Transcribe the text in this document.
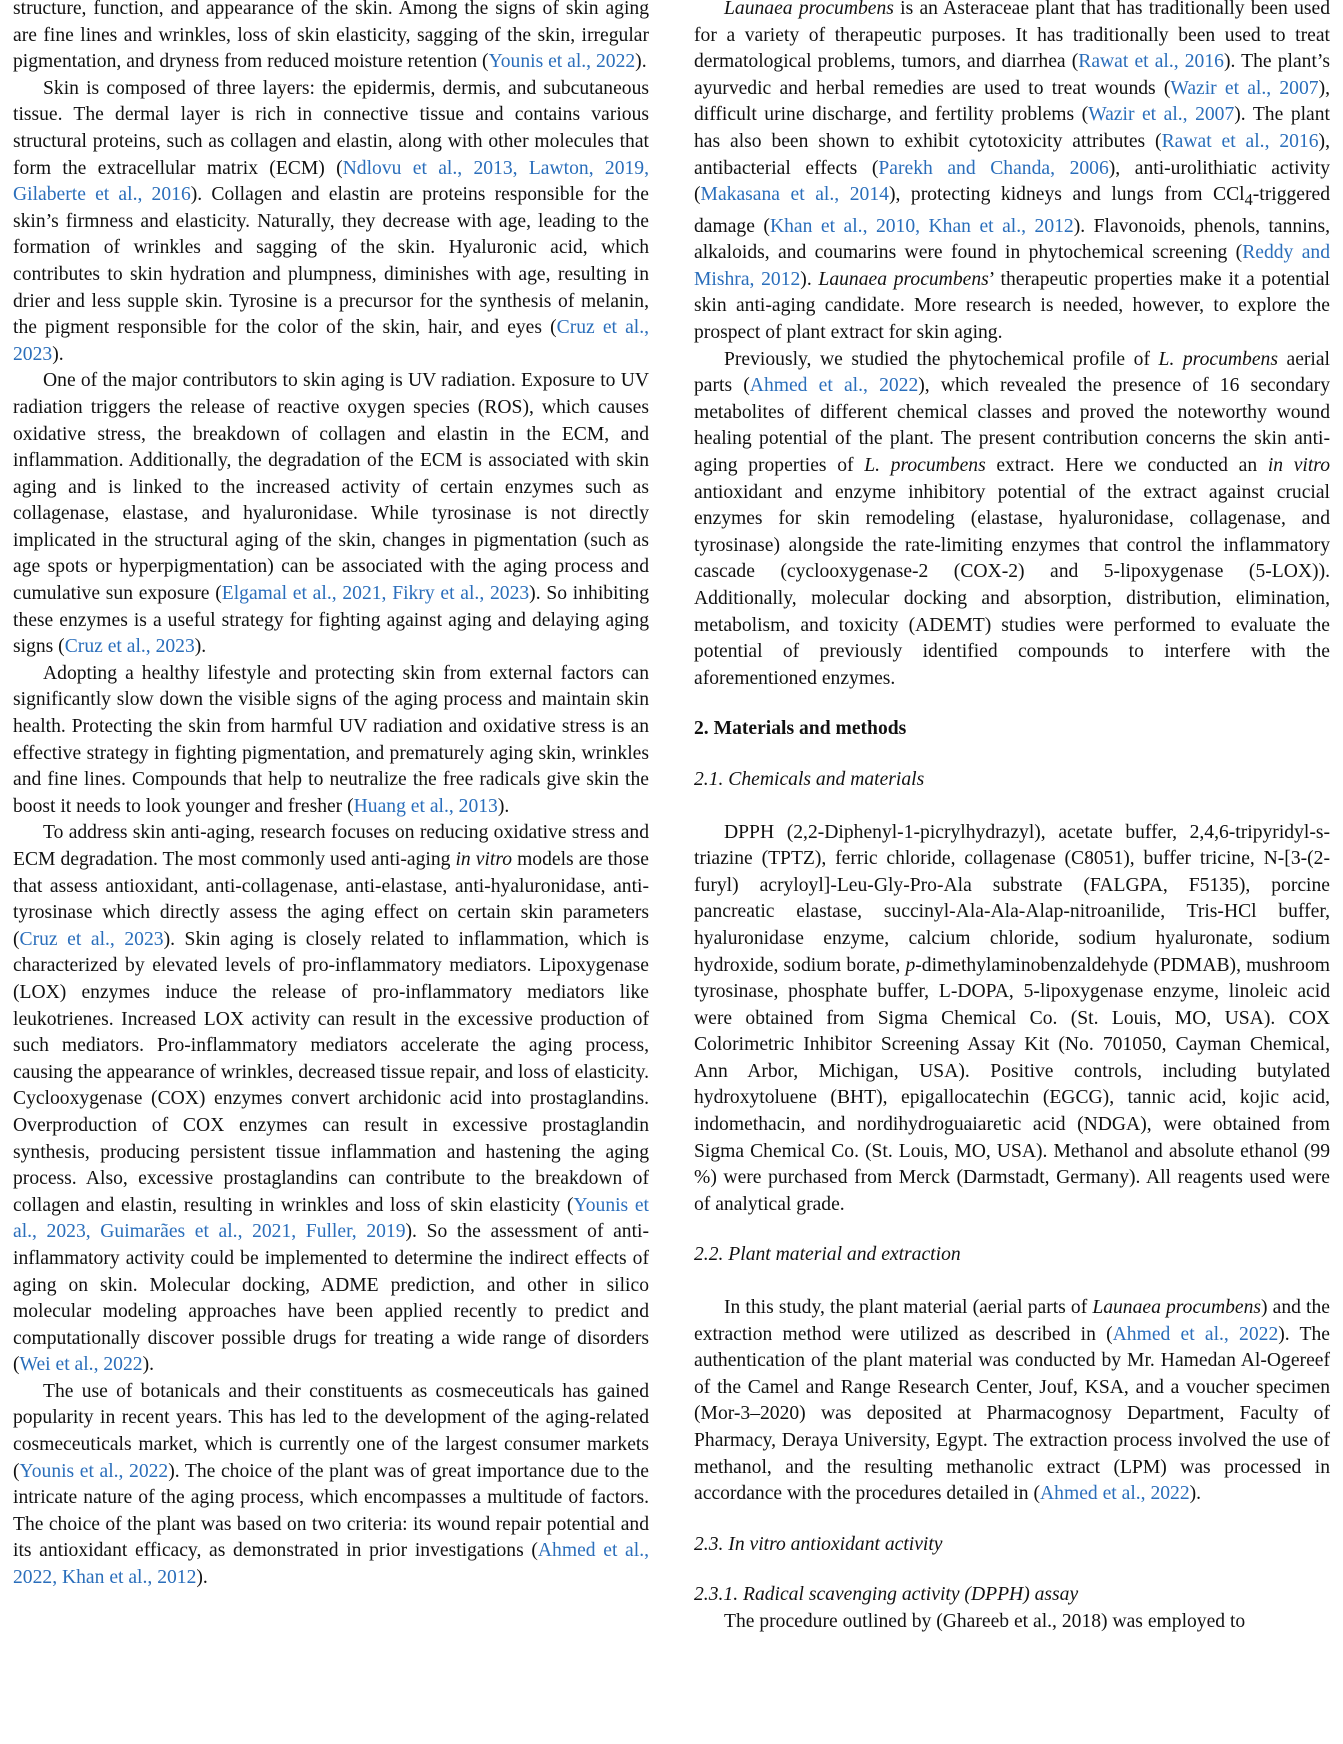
structure, function, and appearance of the skin. Among the signs of skin aging are fine lines and wrinkles, loss of skin elasticity, sagging of the skin, irregular pigmentation, and dryness from reduced moisture retention (Younis et al., 2022).

Skin is composed of three layers: the epidermis, dermis, and subcutaneous tissue. The dermal layer is rich in connective tissue and contains various structural proteins, such as collagen and elastin, along with other molecules that form the extracellular matrix (ECM) (Ndlovu et al., 2013, Lawton, 2019, Gilaberte et al., 2016). Collagen and elastin are proteins responsible for the skin’s firmness and elasticity. Naturally, they decrease with age, leading to the formation of wrinkles and sagging of the skin. Hyaluronic acid, which contributes to skin hydration and plumpness, diminishes with age, resulting in drier and less supple skin. Tyrosine is a precursor for the synthesis of melanin, the pigment responsible for the color of the skin, hair, and eyes (Cruz et al., 2023).

One of the major contributors to skin aging is UV radiation. Exposure to UV radiation triggers the release of reactive oxygen species (ROS), which causes oxidative stress, the breakdown of collagen and elastin in the ECM, and inflammation. Additionally, the degradation of the ECM is associated with skin aging and is linked to the increased activity of certain enzymes such as collagenase, elastase, and hyaluronidase. While tyrosinase is not directly implicated in the structural aging of the skin, changes in pigmentation (such as age spots or hyperpigmentation) can be associated with the aging process and cumulative sun exposure (Elgamal et al., 2021, Fikry et al., 2023). So inhibiting these enzymes is a useful strategy for fighting against aging and delaying aging signs (Cruz et al., 2023).

Adopting a healthy lifestyle and protecting skin from external factors can significantly slow down the visible signs of the aging process and maintain skin health. Protecting the skin from harmful UV radiation and oxidative stress is an effective strategy in fighting pigmentation, and prematurely aging skin, wrinkles and fine lines. Compounds that help to neutralize the free radicals give skin the boost it needs to look younger and fresher (Huang et al., 2013).

To address skin anti-aging, research focuses on reducing oxidative stress and ECM degradation. The most commonly used anti-aging in vitro models are those that assess antioxidant, anti-collagenase, anti-elastase, anti-hyaluronidase, anti-tyrosinase which directly assess the aging effect on certain skin parameters (Cruz et al., 2023). Skin aging is closely related to inflammation, which is characterized by elevated levels of pro-inflammatory mediators. Lipoxygenase (LOX) enzymes induce the release of pro-inflammatory mediators like leukotrienes. Increased LOX activity can result in the excessive production of such mediators. Pro-inflammatory mediators accelerate the aging process, causing the appearance of wrinkles, decreased tissue repair, and loss of elasticity. Cyclooxygenase (COX) enzymes convert archidonic acid into prostaglandins. Overproduction of COX enzymes can result in excessive prostaglandin synthesis, producing persistent tissue inflammation and hastening the aging process. Also, excessive prostaglandins can contribute to the breakdown of collagen and elastin, resulting in wrinkles and loss of skin elasticity (Younis et al., 2023, Guimarães et al., 2021, Fuller, 2019). So the assessment of anti-inflammatory activity could be implemented to determine the indirect effects of aging on skin. Molecular docking, ADME prediction, and other in silico molecular modeling approaches have been applied recently to predict and computationally discover possible drugs for treating a wide range of disorders (Wei et al., 2022).

The use of botanicals and their constituents as cosmeceuticals has gained popularity in recent years. This has led to the development of the aging-related cosmeceuticals market, which is currently one of the largest consumer markets (Younis et al., 2022). The choice of the plant was of great importance due to the intricate nature of the aging process, which encompasses a multitude of factors. The choice of the plant was based on two criteria: its wound repair potential and its antioxidant efficacy, as demonstrated in prior investigations (Ahmed et al., 2022, Khan et al., 2012).

Launaea procumbens is an Asteraceae plant that has traditionally been used for a variety of therapeutic purposes. It has traditionally been used to treat dermatological problems, tumors, and diarrhea (Rawat et al., 2016). The plant’s ayurvedic and herbal remedies are used to treat wounds (Wazir et al., 2007), difficult urine discharge, and fertility problems (Wazir et al., 2007). The plant has also been shown to exhibit cytotoxicity attributes (Rawat et al., 2016), antibacterial effects (Parekh and Chanda, 2006), anti-urolithiatic activity (Makasana et al., 2014), protecting kidneys and lungs from CCl$_4$-triggered damage (Khan et al., 2010, Khan et al., 2012). Flavonoids, phenols, tannins, alkaloids, and coumarins were found in phytochemical screening (Reddy and Mishra, 2012). Launaea procumbens’ therapeutic properties make it a potential skin anti-aging candidate. More research is needed, however, to explore the prospect of plant extract for skin aging.

Previously, we studied the phytochemical profile of L. procumbens aerial parts (Ahmed et al., 2022), which revealed the presence of 16 secondary metabolites of different chemical classes and proved the noteworthy wound healing potential of the plant. The present contribution concerns the skin anti-aging properties of L. procumbens extract. Here we conducted an in vitro antioxidant and enzyme inhibitory potential of the extract against crucial enzymes for skin remodeling (elastase, hyaluronidase, collagenase, and tyrosinase) alongside the rate-limiting enzymes that control the inflammatory cascade (cyclooxygenase-2 (COX-2) and 5-lipoxygenase (5-LOX)). Additionally, molecular docking and absorption, distribution, elimination, metabolism, and toxicity (ADEMT) studies were performed to evaluate the potential of previously identified compounds to interfere with the aforementioned enzymes.

2. Materials and methods
2.1. Chemicals and materials

DPPH (2,2-Diphenyl-1-picrylhydrazyl), acetate buffer, 2,4,6-tripyridyl-s-triazine (TPTZ), ferric chloride, collagenase (C8051), buffer tricine, N-[3-(2-furyl) acryloyl]-Leu-Gly-Pro-Ala substrate (FALGPA, F5135), porcine pancreatic elastase, succinyl-Ala-Ala-Alap-nitroanilide, Tris-HCl buffer, hyaluronidase enzyme, calcium chloride, sodium hyaluronate, sodium hydroxide, sodium borate, p-dimethylaminobenzaldehyde (PDMAB), mushroom tyrosinase, phosphate buffer, L-DOPA, 5-lipoxygenase enzyme, linoleic acid were obtained from Sigma Chemical Co. (St. Louis, MO, USA). COX Colorimetric Inhibitor Screening Assay Kit (No. 701050, Cayman Chemical, Ann Arbor, Michigan, USA). Positive controls, including butylated hydroxytoluene (BHT), epigallocatechin (EGCG), tannic acid, kojic acid, indomethacin, and nordihydroguaiaretic acid (NDGA), were obtained from Sigma Chemical Co. (St. Louis, MO, USA). Methanol and absolute ethanol (99 %) were purchased from Merck (Darmstadt, Germany). All reagents used were of analytical grade.

2.2. Plant material and extraction

In this study, the plant material (aerial parts of Launaea procumbens) and the extraction method were utilized as described in (Ahmed et al., 2022). The authentication of the plant material was conducted by Mr. Hamedan Al-Ogereef of the Camel and Range Research Center, Jouf, KSA, and a voucher specimen (Mor-3–2020) was deposited at Pharmacognosy Department, Faculty of Pharmacy, Deraya University, Egypt. The extraction process involved the use of methanol, and the resulting methanolic extract (LPM) was processed in accordance with the procedures detailed in (Ahmed et al., 2022).

2.3. In vitro antioxidant activity
2.3.1. Radical scavenging activity (DPPH) assay

The procedure outlined by (Ghareeb et al., 2018) was employed to
